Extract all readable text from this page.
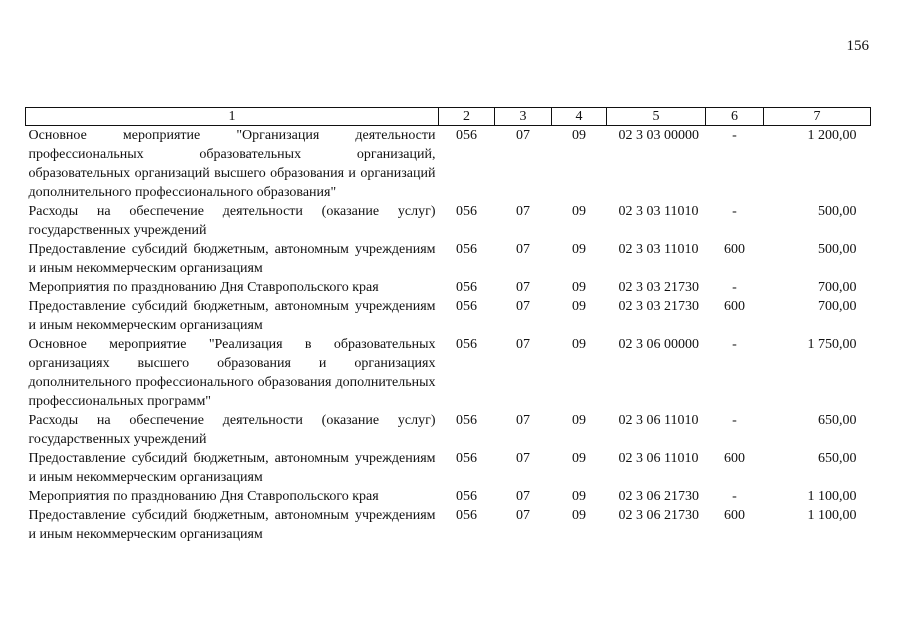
156
1	2	3	4	5	6	7
Основное мероприятие "Организация деятельности профессиональных образовательных организаций, образовательных организаций высшего образования и организаций дополнительного профессионального образования"	056	07	09	02 3 03 00000	-	1 200,00
Расходы на обеспечение деятельности (оказание услуг) государственных учреждений	056	07	09	02 3 03 11010	-	500,00
Предоставление субсидий бюджетным, автономным учреждениям и иным некоммерческим организациям	056	07	09	02 3 03 11010	600	500,00
Мероприятия по празднованию Дня Ставропольского края	056	07	09	02 3 03 21730	-	700,00
Предоставление субсидий бюджетным, автономным учреждениям и иным некоммерческим организациям	056	07	09	02 3 03 21730	600	700,00
Основное мероприятие "Реализация в образовательных организациях высшего образования и организациях дополнительного профессионального образования дополнительных профессиональных программ"	056	07	09	02 3 06 00000	-	1 750,00
Расходы на обеспечение деятельности (оказание услуг) государственных учреждений	056	07	09	02 3 06 11010	-	650,00
Предоставление субсидий бюджетным, автономным учреждениям и иным некоммерческим организациям	056	07	09	02 3 06 11010	600	650,00
Мероприятия по празднованию Дня Ставропольского края	056	07	09	02 3 06 21730	-	1 100,00
Предоставление субсидий бюджетным, автономным учреждениям и иным некоммерческим организациям	056	07	09	02 3 06 21730	600	1 100,00
